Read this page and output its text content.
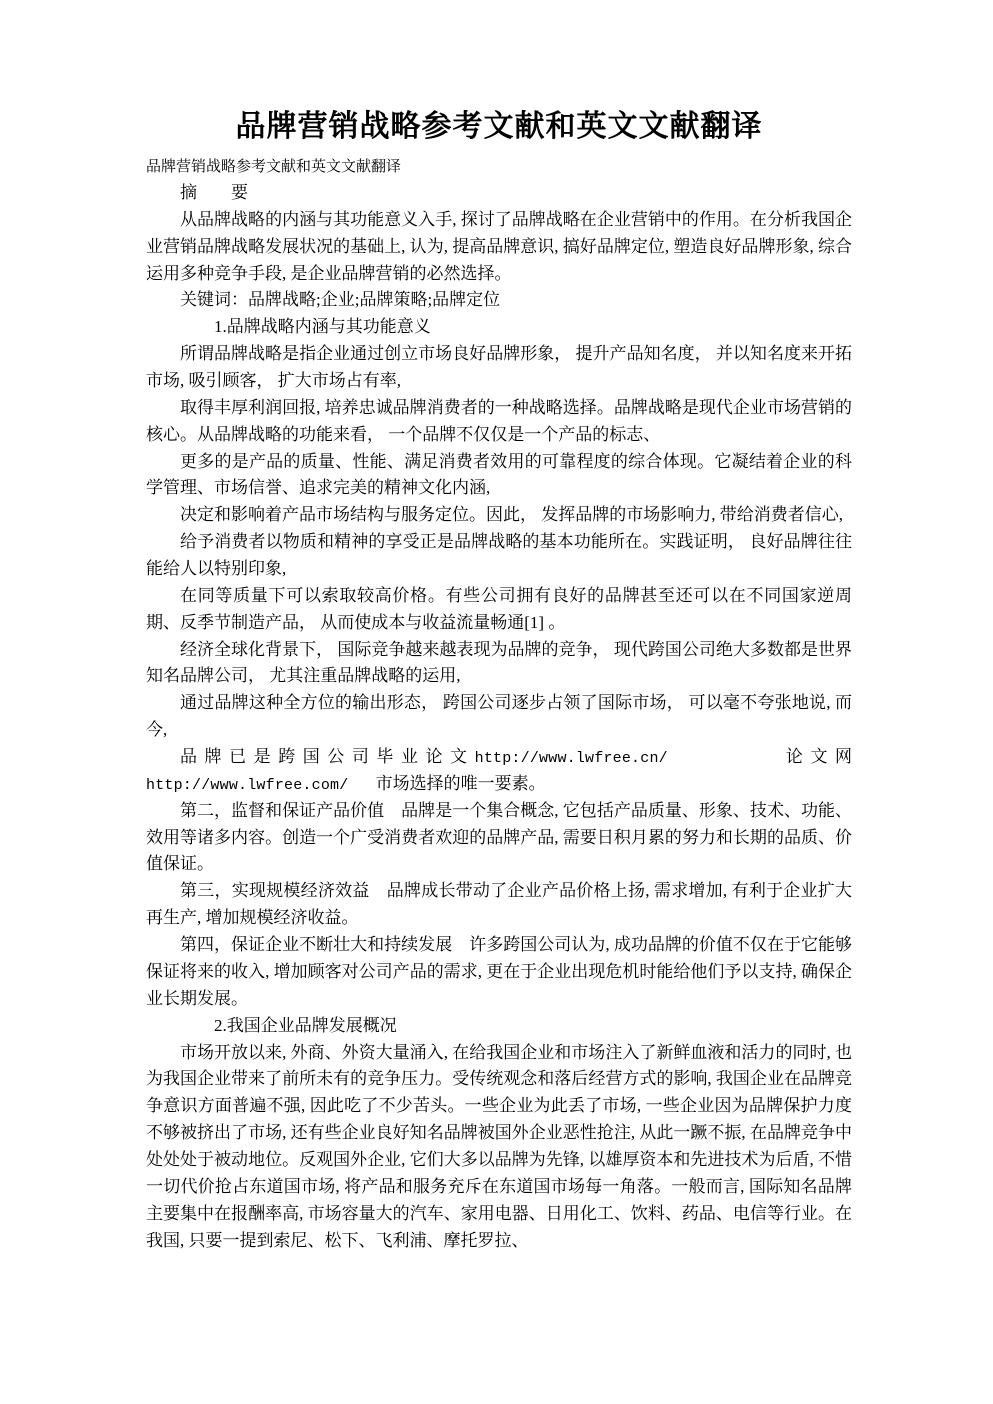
品牌营销战略参考文献和英文文献翻译
品牌营销战略参考文献和英文文献翻译

摘　要

从品牌战略的内涵与其功能意义入手, 探讨了品牌战略在企业营销中的作用。在分析我国企业营销品牌战略发展状况的基础上, 认为, 提高品牌意识, 搞好品牌定位, 塑造良好品牌形象, 综合运用多种竞争手段, 是企业品牌营销的必然选择。

关键词：品牌战略;企业;品牌策略;品牌定位

1.品牌战略内涵与其功能意义

所谓品牌战略是指企业通过创立市场良好品牌形象， 提升产品知名度， 并以知名度来开拓市场, 吸引顾客， 扩大市场占有率,

取得丰厚利润回报, 培养忠诚品牌消费者的一种战略选择。品牌战略是现代企业市场营销的核心。从品牌战略的功能来看， 一个品牌不仅仅是一个产品的标志、

更多的是产品的质量、性能、满足消费者效用的可靠程度的综合体现。它凝结着企业的科学管理、市场信誉、追求完美的精神文化内涵,

决定和影响着产品市场结构与服务定位。因此， 发挥品牌的市场影响力, 带给消费者信心,

给予消费者以物质和精神的享受正是品牌战略的基本功能所在。实践证明， 良好品牌往往能给人以特别印象,

在同等质量下可以索取较高价格。有些公司拥有良好的品牌甚至还可以在不同国家逆周期、反季节制造产品， 从而使成本与收益流量畅通[1] 。

经济全球化背景下， 国际竞争越来越表现为品牌的竞争， 现代跨国公司绝大多数都是世界知名品牌公司， 尤其注重品牌战略的运用,

通过品牌这种全方位的输出形态， 跨国公司逐步占领了国际市场， 可以毫不夸张地说, 而今,

品牌已是跨国公司毕业论文http://www.lwfree.cn/	论文网http://www.lwfree.com/ 市场选择的唯一要素。

第二，监督和保证产品价值　品牌是一个集合概念, 它包括产品质量、形象、技术、功能、效用等诸多内容。创造一个广受消费者欢迎的品牌产品, 需要日积月累的努力和长期的品质、价值保证。

第三，实现规模经济效益　品牌成长带动了企业产品价格上扬, 需求增加, 有利于企业扩大再生产, 增加规模经济收益。

第四，保证企业不断壮大和持续发展　许多跨国公司认为, 成功品牌的价值不仅在于它能够保证将来的收入, 增加顾客对公司产品的需求, 更在于企业出现危机时能给他们予以支持, 确保企业长期发展。

2.我国企业品牌发展概况

市场开放以来, 外商、外资大量涌入, 在给我国企业和市场注入了新鲜血液和活力的同时, 也为我国企业带来了前所未有的竞争压力。受传统观念和落后经营方式的影响, 我国企业在品牌竞争意识方面普遍不强, 因此吃了不少苦头。一些企业为此丢了市场, 一些企业因为品牌保护力度不够被挤出了市场, 还有些企业良好知名品牌被国外企业恶性抢注, 从此一蹶不振, 在品牌竞争中处处处于被动地位。反观国外企业, 它们大多以品牌为先锋, 以雄厚资本和先进技术为后盾, 不惜一切代价抢占东道国市场, 将产品和服务充斥在东道国市场每一角落。一般而言, 国际知名品牌主要集中在报酬率高, 市场容量大的汽车、家用电器、日用化工、饮料、药品、电信等行业。在我国, 只要一提到索尼、松下、飞利浦、摩托罗拉、
